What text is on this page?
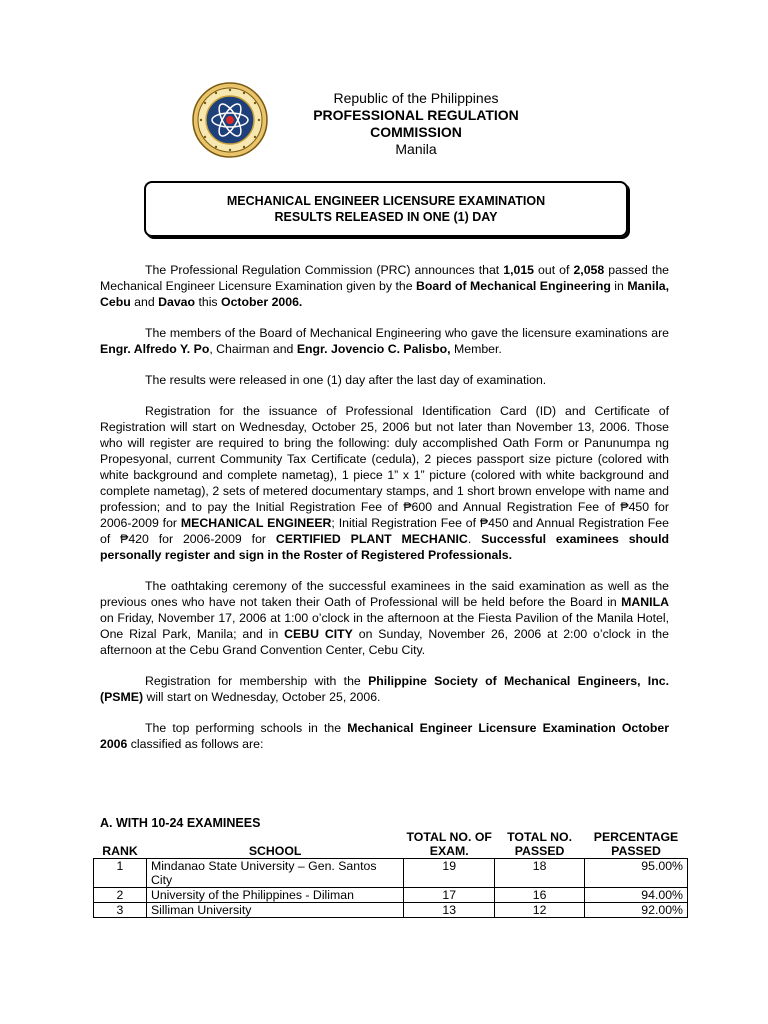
Republic of the Philippines
PROFESSIONAL REGULATION COMMISSION
Manila
MECHANICAL ENGINEER LICENSURE EXAMINATION
RESULTS RELEASED IN ONE (1) DAY

The Professional Regulation Commission (PRC) announces that 1,015 out of 2,058 passed the Mechanical Engineer Licensure Examination given by the Board of Mechanical Engineering in Manila, Cebu and Davao this October 2006.

The members of the Board of Mechanical Engineering who gave the licensure examinations are Engr. Alfredo Y. Po, Chairman and Engr. Jovencio C. Palisbo, Member.

The results were released in one (1) day after the last day of examination.

Registration for the issuance of Professional Identification Card (ID) and Certificate of Registration will start on Wednesday, October 25, 2006 but not later than November 13, 2006. Those who will register are required to bring the following: duly accomplished Oath Form or Panunumpa ng Propesyonal, current Community Tax Certificate (cedula), 2 pieces passport size picture (colored with white background and complete nametag), 1 piece 1” x 1” picture (colored with white background and complete nametag), 2 sets of metered documentary stamps, and 1 short brown envelope with name and profession; and to pay the Initial Registration Fee of ₱600 and Annual Registration Fee of ₱450 for 2006-2009 for MECHANICAL ENGINEER; Initial Registration Fee of ₱450 and Annual Registration Fee of ₱420 for 2006-2009 for CERTIFIED PLANT MECHANIC. Successful examinees should personally register and sign in the Roster of Registered Professionals.

The oathtaking ceremony of the successful examinees in the said examination as well as the previous ones who have not taken their Oath of Professional will be held before the Board in MANILA on Friday, November 17, 2006 at 1:00 o’clock in the afternoon at the Fiesta Pavilion of the Manila Hotel, One Rizal Park, Manila; and in CEBU CITY on Sunday, November 26, 2006 at 2:00 o’clock in the afternoon at the Cebu Grand Convention Center, Cebu City.

Registration for membership with the Philippine Society of Mechanical Engineers, Inc. (PSME) will start on Wednesday, October 25, 2006.

The top performing schools in the Mechanical Engineer Licensure Examination October 2006 classified as follows are:

A. WITH 10-24 EXAMINEES
RANK	SCHOOL	TOTAL NO. OF EXAM.	TOTAL NO. PASSED	PERCENTAGE PASSED
1	Mindanao State University – Gen. Santos City	19	18	95.00%
2	University of the Philippines - Diliman	17	16	94.00%
3	Silliman University	13	12	92.00%
